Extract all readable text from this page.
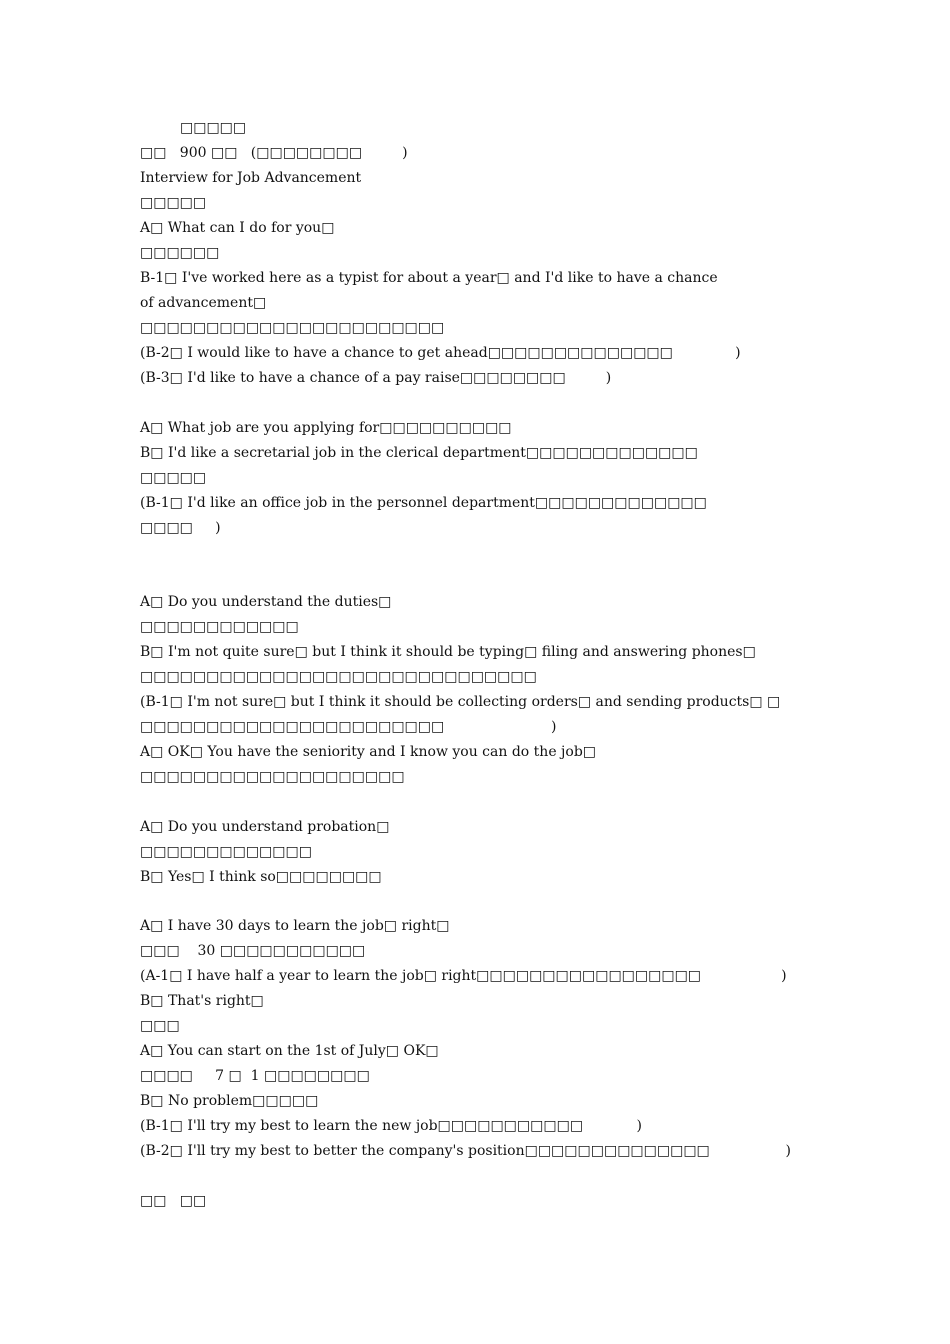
□□□□□
□□   900 □□   (□□□□□□□□         )
Interview for Job Advancement
□□□□□
A□ What can I do for you□
□□□□□□
B-1□ I've worked here as a typist for about a year□ and I'd like to have a chance
of advancement□
□□□□□□□□□□□□□□□□□□□□□□□
(B-2□ I would like to have a chance to get ahead□□□□□□□□□□□□□□              )
(B-3□ I'd like to have a chance of a pay raise□□□□□□□□         )
A□ What job are you applying for□□□□□□□□□□
B□ I'd like a secretarial job in the clerical department□□□□□□□□□□□□□
□□□□□
(B-1□ I'd like an office job in the personnel department□□□□□□□□□□□□□
□□□□     )
A□ Do you understand the duties□
□□□□□□□□□□□□
B□ I'm not quite sure□ but I think it should be typing□ filing and answering phones□
□□□□□□□□□□□□□□□□□□□□□□□□□□□□□□
(B-1□ I'm not sure□ but I think it should be collecting orders□ and sending products□ □
□□□□□□□□□□□□□□□□□□□□□□□                        )
A□ OK□ You have the seniority and I know you can do the job□
□□□□□□□□□□□□□□□□□□□□
A□ Do you understand probation□
□□□□□□□□□□□□□
B□ Yes□ I think so□□□□□□□□
A□ I have 30 days to learn the job□ right□
□□□    30 □□□□□□□□□□□
(A-1□ I have half a year to learn the job□ right□□□□□□□□□□□□□□□□□                  )
B□ That's right□
□□□
A□ You can start on the 1st of July□ OK□
□□□□     7 □  1 □□□□□□□□
B□ No problem□□□□□
(B-1□ I'll try my best to learn the new job□□□□□□□□□□□            )
(B-2□ I'll try my best to better the company's position□□□□□□□□□□□□□□                 )
□□   □□
